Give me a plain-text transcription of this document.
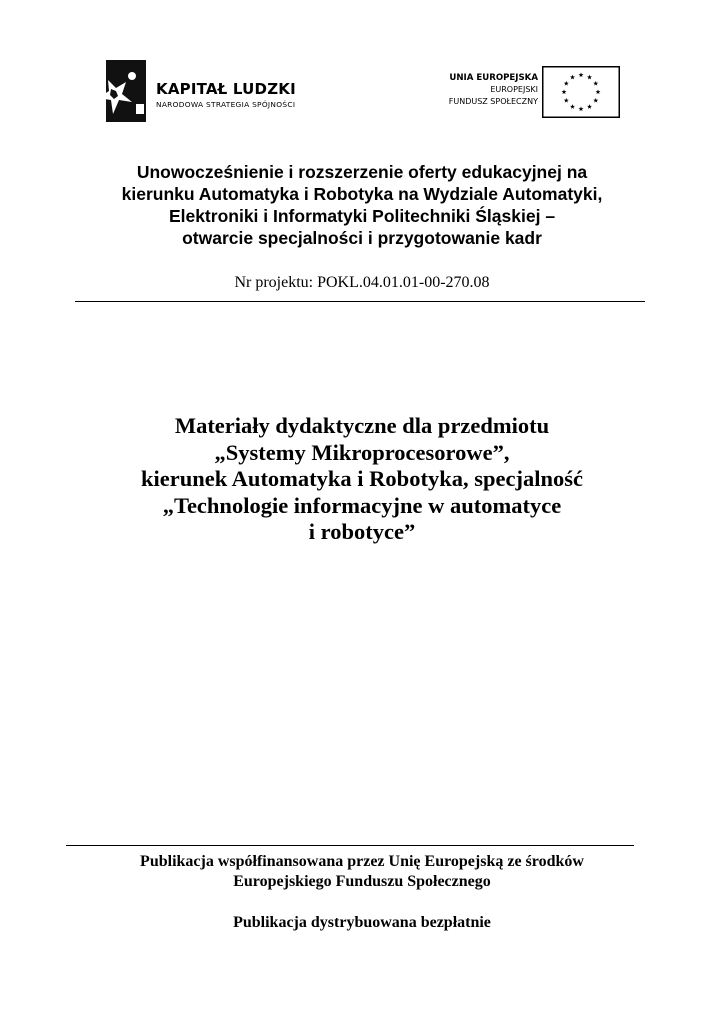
KAPITAŁ LUDZKI
NARODOWA STRATEGIA SPÓJNOŚCI
UNIA EUROPEJSKA
EUROPEJSKI
FUNDUSZ SPOŁECZNY
Unowocześnienie i rozszerzenie oferty edukacyjnej na
kierunku Automatyka i Robotyka na Wydziale Automatyki,
Elektroniki i Informatyki Politechniki Śląskiej –
otwarcie specjalności i przygotowanie kadr
Nr projektu: POKL.04.01.01-00-270.08
Materiały dydaktyczne dla przedmiotu
„Systemy Mikroprocesorowe”,
kierunek Automatyka i Robotyka, specjalność
„Technologie informacyjne w automatyce
i robotyce”
Publikacja współfinansowana przez Unię Europejską ze środków
Europejskiego Funduszu Społecznego
Publikacja dystrybuowana bezpłatnie
